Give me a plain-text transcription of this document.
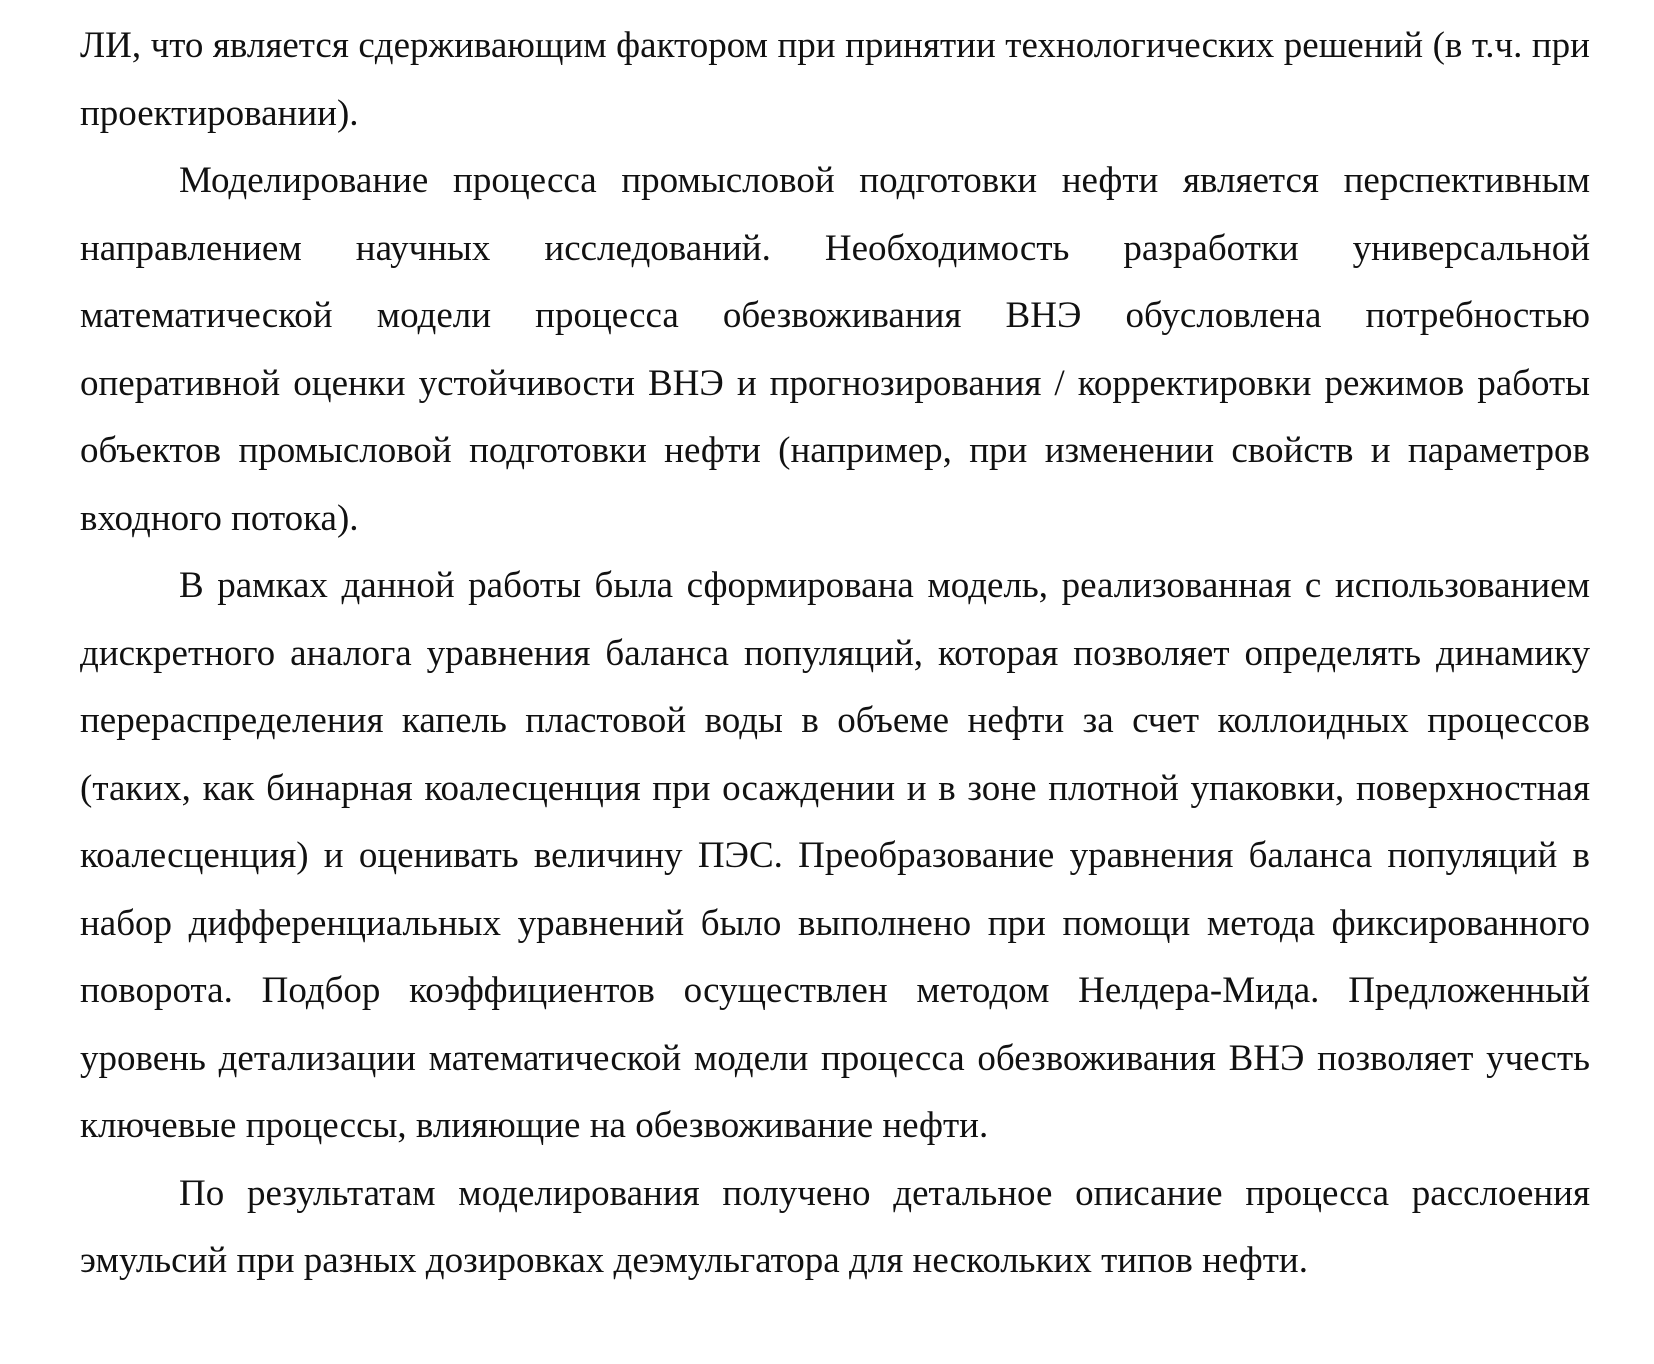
ЛИ, что является сдерживающим фактором при принятии технологических решений (в т.ч. при проектировании).

Моделирование процесса промысловой подготовки нефти является перспективным направлением научных исследований. Необходимость разработки универсальной математической модели процесса обезвоживания ВНЭ обусловлена потребностью оперативной оценки устойчивости ВНЭ и прогнозирования / корректировки режимов работы объектов промысловой подготовки нефти (например, при изменении свойств и параметров входного потока).

В рамках данной работы была сформирована модель, реализованная с использованием дискретного аналога уравнения баланса популяций, которая позволяет определять динамику перераспределения капель пластовой воды в объеме нефти за счет коллоидных процессов (таких, как бинарная коалесценция при осаждении и в зоне плотной упаковки, поверхностная коалесценция) и оценивать величину ПЭС. Преобразование уравнения баланса популяций в набор дифференциальных уравнений было выполнено при помощи метода фиксированного поворота. Подбор коэффициентов осуществлен методом Нелдера-Мида. Предложенный уровень детализации математической модели процесса обезвоживания ВНЭ позволяет учесть ключевые процессы, влияющие на обезвоживание нефти.

По результатам моделирования получено детальное описание процесса расслоения эмульсий при разных дозировках деэмульгатора для нескольких типов нефти.
